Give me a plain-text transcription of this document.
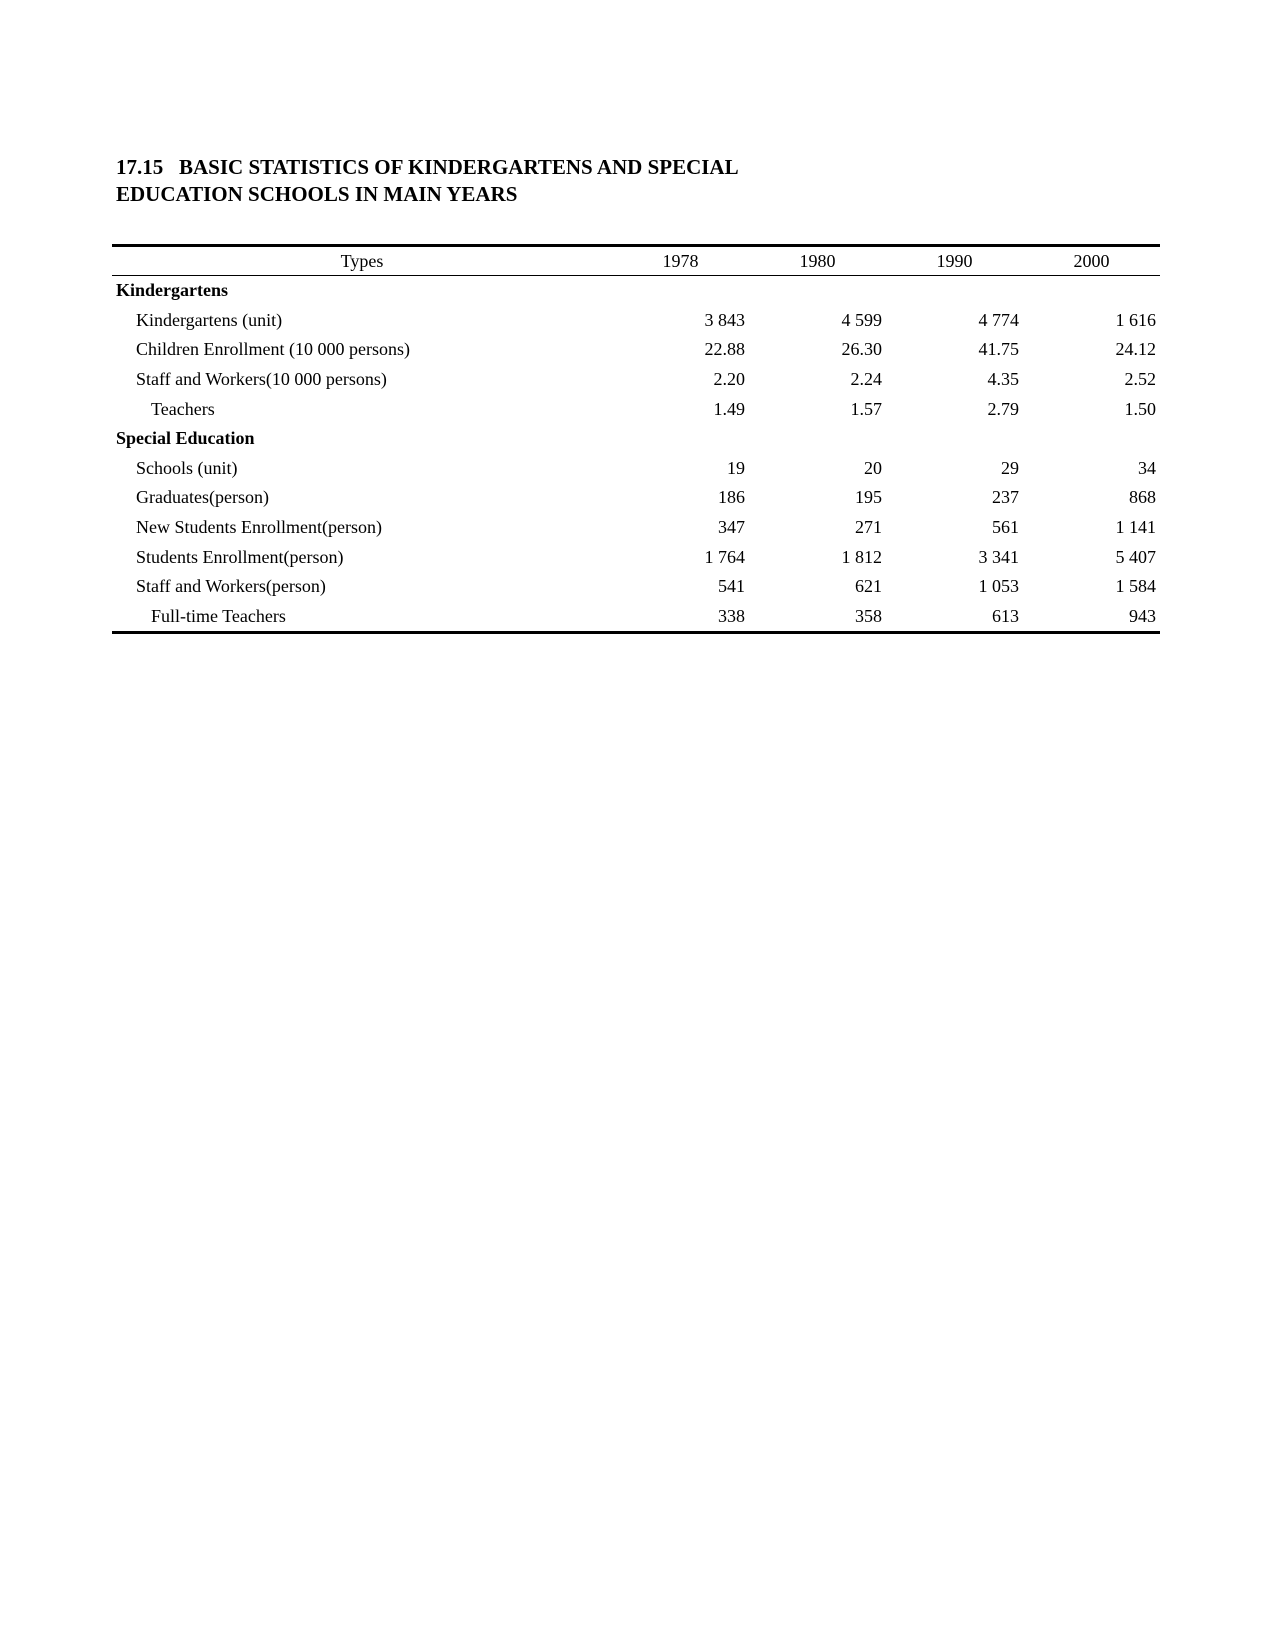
17.15   BASIC STATISTICS OF KINDERGARTENS AND SPECIAL
EDUCATION SCHOOLS IN MAIN YEARS
Types	1978	1980	1990	2000
Kindergartens				
Kindergartens (unit)	3 843	4 599	4 774	1 616
Children Enrollment (10 000 persons)	22.88	26.30	41.75	24.12
Staff and Workers(10 000 persons)	2.20	2.24	4.35	2.52
Teachers	1.49	1.57	2.79	1.50
Special Education				
Schools (unit)	19	20	29	34
Graduates(person)	186	195	237	868
New Students Enrollment(person)	347	271	561	1 141
Students Enrollment(person)	1 764	1 812	3 341	5 407
Staff and Workers(person)	541	621	1 053	1 584
Full-time Teachers	338	358	613	943
